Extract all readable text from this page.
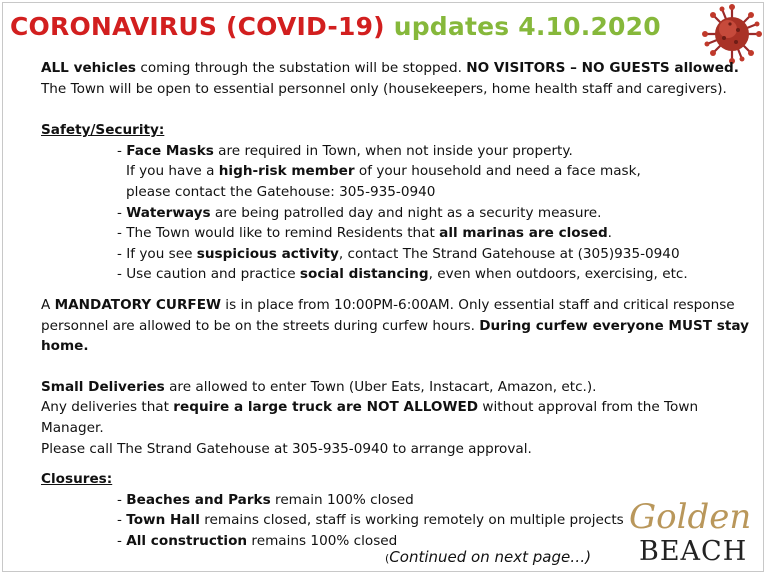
CORONAVIRUS (COVID-19) updates 4.10.2020

ALL vehicles coming through the substation will be stopped. NO VISITORS – NO GUESTS allowed.

The Town will be open to essential personnel only (housekeepers, home health staff and caregivers).

Safety/Security:

- Face Masks are required in Town, when not inside your property.

If you have a high-risk member of your household and need a face mask,

please contact the Gatehouse: 305-935-0940

- Waterways are being patrolled day and night as a security measure.

- The Town would like to remind Residents that all marinas are closed.

- If you see suspicious activity, contact The Strand Gatehouse at (305)935-0940

- Use caution and practice social distancing, even when outdoors, exercising, etc.

A MANDATORY CURFEW is in place from 10:00PM-6:00AM. Only essential staff and critical response

personnel are allowed to be on the streets during curfew hours. During curfew everyone MUST stay

home.

Small Deliveries are allowed to enter Town (Uber Eats, Instacart, Amazon, etc.).

Any deliveries that require a large truck are NOT ALLOWED without approval from the Town Manager.

Please call The Strand Gatehouse at 305-935-0940 to arrange approval.

Closures:

- Beaches and Parks remain 100% closed

- Town Hall remains closed, staff is working remotely on multiple projects

- All construction remains 100% closed

(Continued on next page…)
Golden
BEACH
